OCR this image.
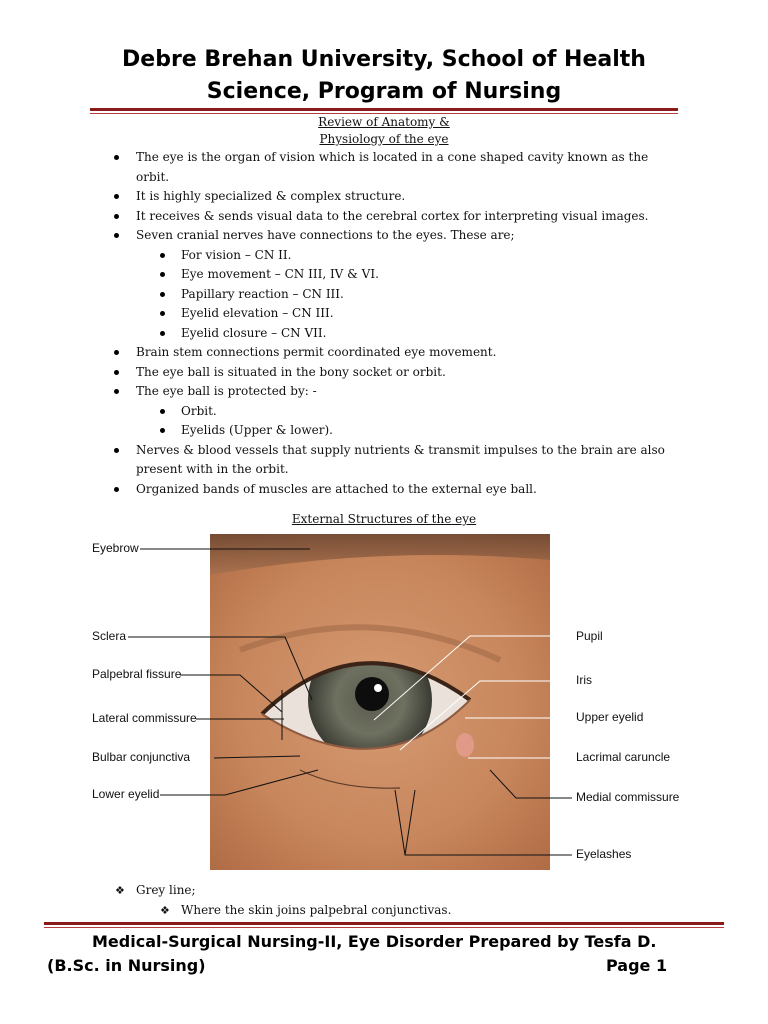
Debre Brehan University, School of Health
Science, Program of Nursing
Review of Anatomy &
Physiology of the eye
The eye is the organ of vision which is located in a cone shaped cavity known as the
orbit.
It is highly specialized & complex structure.
It receives & sends visual data to the cerebral cortex for interpreting visual images.
Seven cranial nerves have connections to the eyes. These are;
For vision – CN II.
Eye movement – CN III, IV & VI.
Papillary reaction – CN III.
Eyelid elevation – CN III.
Eyelid closure – CN VII.
Brain stem connections permit coordinated eye movement.
The eye ball is situated in the bony socket or orbit.
The eye ball is protected by: -
Orbit.
Eyelids (Upper & lower).
Nerves & blood vessels that supply nutrients & transmit impulses to the brain are also
present with in the orbit.
Organized bands of muscles are attached to the external eye ball.
External Structures of the eye
Eyebrow
Sclera
Palpebral fissure
Lateral commissure
Bulbar conjunctiva
Lower eyelid
Pupil
Iris
Upper eyelid
Lacrimal caruncle
Medial commissure
Eyelashes
❖ Grey line;
❖ Where the skin joins palpebral conjunctivas.
Medical-Surgical Nursing-II, Eye Disorder Prepared by Tesfa D.
(B.Sc. in Nursing)	Page 1
